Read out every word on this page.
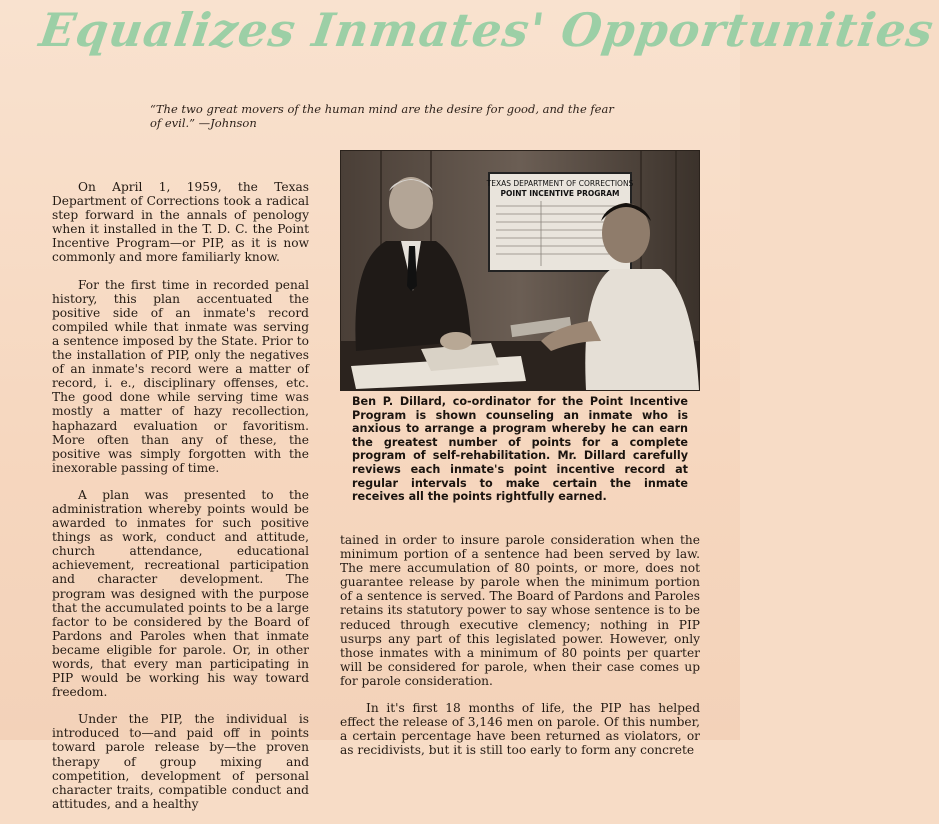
Equalizes Inmates' Opportunities
“The two great movers of the human mind are the desire for good, and the fear of evil.” —Johnson

On April 1, 1959, the Texas Department of Corrections took a radical step forward in the annals of penology when it installed in the T. D. C. the Point Incentive Program—or PIP, as it is now commonly and more familiarly know.

For the first time in recorded penal history, this plan accentuated the positive side of an inmate's record compiled while that inmate was serving a sentence imposed by the State. Prior to the installation of PIP, only the negatives of an inmate's record were a matter of record, i. e., disciplinary offenses, etc. The good done while serving time was mostly a matter of hazy recollection, haphazard evaluation or favoritism. More often than any of these, the positive was simply forgotten with the inexorable passing of time.

A plan was presented to the administration whereby points would be awarded to inmates for such positive things as work, conduct and attitude, church attendance, educational achievement, recreational participation and character development. The program was designed with the purpose that the accumulated points to be a large factor to be considered by the Board of Pardons and Paroles when that inmate became eligible for parole. Or, in other words, that every man participating in PIP would be working his way toward freedom.

Under the PIP, the individual is introduced to—and paid off in points toward parole release by—the proven therapy of group mixing and competition, development of personal character traits, compatible conduct and attitudes, and a healthy

TEXAS DEPARTMENT OF CORRECTIONS
POINT INCENTIVE PROGRAM
Ben P. Dillard, co-ordinator for the Point Incentive Program is shown counseling an inmate who is anxious to arrange a program whereby he can earn the greatest number of points for a complete program of self-rehabilitation. Mr. Dillard carefully reviews each inmate's point incentive record at regular intervals to make certain the inmate receives all the points rightfully earned.

tained in order to insure parole consideration when the minimum portion of a sentence had been served by law. The mere accumulation of 80 points, or more, does not guarantee release by parole when the minimum portion of a sentence is served. The Board of Pardons and Paroles retains its statutory power to say whose sentence is to be reduced through executive clemency; nothing in PIP usurps any part of this legislated power. However, only those inmates with a minimum of 80 points per quarter will be considered for parole, when their case comes up for parole consideration.

In it's first 18 months of life, the PIP has helped effect the release of 3,146 men on parole. Of this number, a certain percentage have been returned as violators, or as recidivists, but it is still too early to form any concrete
